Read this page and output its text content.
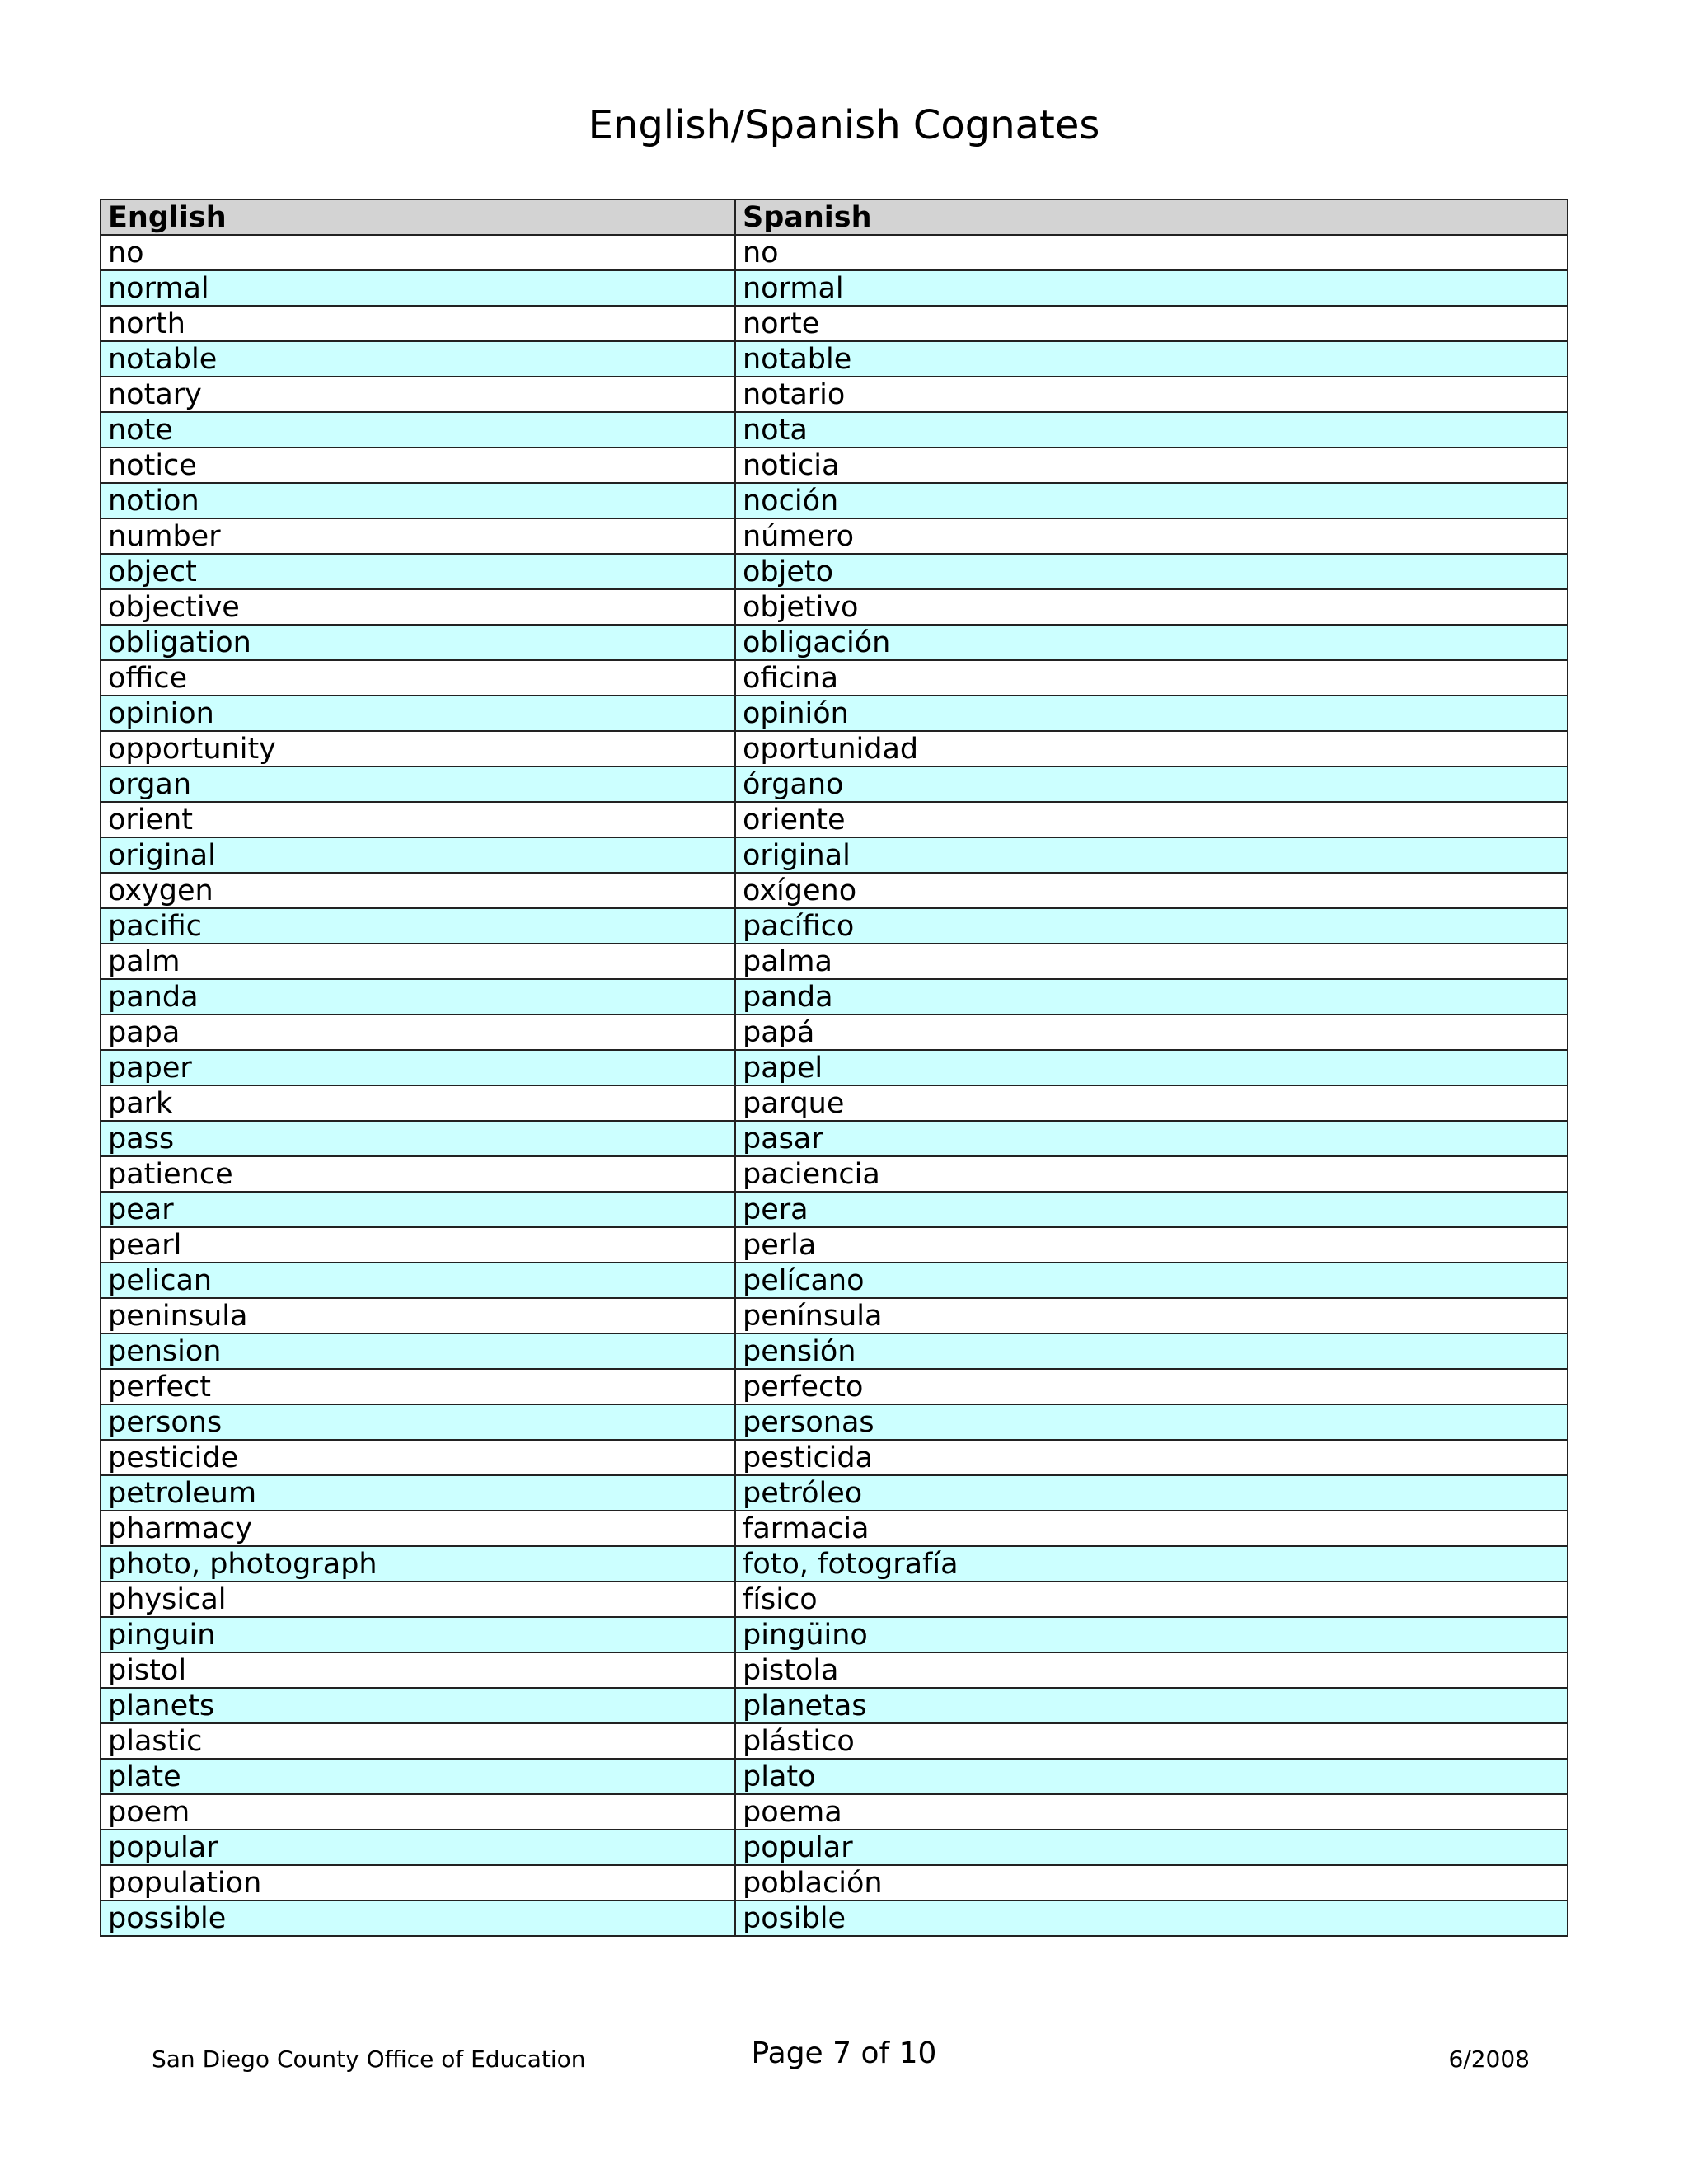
English/Spanish Cognates
English	Spanish
no	no
normal	normal
north	norte
notable	notable
notary	notario
note	nota
notice	noticia
notion	noción
number	número
object	objeto
objective	objetivo
obligation	obligación
office	oficina
opinion	opinión
opportunity	oportunidad
organ	órgano
orient	oriente
original	original
oxygen	oxígeno
pacific	pacífico
palm	palma
panda	panda
papa	papá
paper	papel
park	parque
pass	pasar
patience	paciencia
pear	pera
pearl	perla
pelican	pelícano
peninsula	península
pension	pensión
perfect	perfecto
persons	personas
pesticide	pesticida
petroleum	petróleo
pharmacy	farmacia
photo, photograph	foto, fotografía
physical	físico
pinguin	pingüino
pistol	pistola
planets	planetas
plastic	plástico
plate	plato
poem	poema
popular	popular
population	población
possible	posible
San Diego County Office of Education	Page 7 of 10	6/2008
